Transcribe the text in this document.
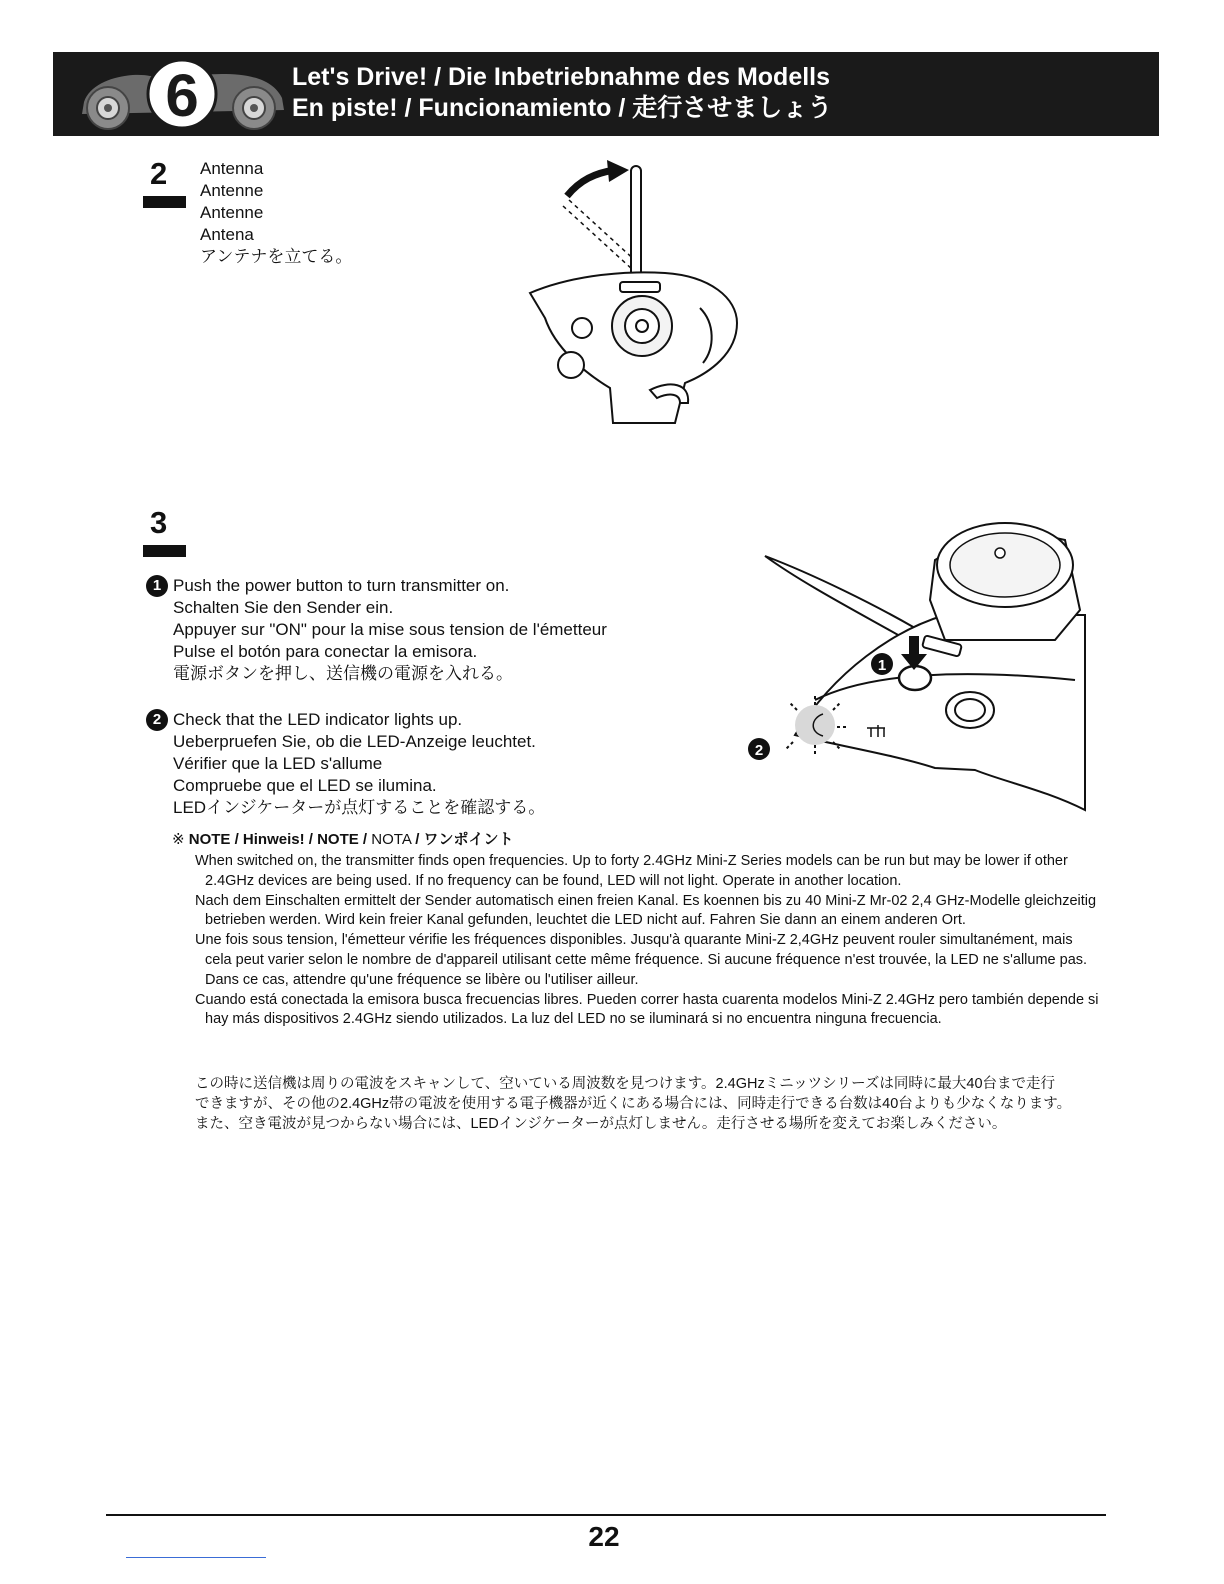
6	Let's Drive! / Die Inbetriebnahme des Modells
En piste! / Funcionamiento / 走行させましょう
2 Antenna
Antenne
Antenne
Antena
アンテナを立てる。
3
1 Push the power button to turn transmitter on.
Schalten Sie den Sender ein.
Appuyer sur "ON" pour la mise sous tension de l'émetteur
Pulse el botón para conectar la emisora.
電源ボタンを押し、送信機の電源を入れる。
2 Check that the LED indicator lights up.
Ueberpruefen Sie, ob die LED-Anzeige leuchtet.
Vérifier que la LED s'allume
Compruebe que el LED se ilumina.
LEDインジケーターが点灯することを確認する。
1
2
※ NOTE / Hinweis! / NOTE / NOTA / ワンポイント

When switched on, the transmitter finds open frequencies. Up to forty 2.4GHz Mini-Z Series models can be run but may be lower if other 2.4GHz devices are being used. If no frequency can be found, LED will not light. Operate in another location.

Nach dem Einschalten ermittelt der Sender automatisch einen freien Kanal. Es koennen bis zu 40 Mini-Z Mr-02 2,4 GHz-Modelle gleichzeitig betrieben werden. Wird kein freier Kanal gefunden, leuchtet die LED nicht auf. Fahren Sie dann an einem anderen Ort.

Une fois sous tension, l'émetteur vérifie les fréquences disponibles. Jusqu'à quarante Mini-Z 2,4GHz peuvent rouler simultanément, mais cela peut varier selon le nombre de d'appareil utilisant cette même fréquence. Si aucune fréquence n'est trouvée, la LED ne s'allume pas. Dans ce cas, attendre qu'une fréquence se libère ou l'utiliser ailleur.

Cuando está conectada la emisora busca frecuencias libres. Pueden correr hasta cuarenta modelos Mini-Z 2.4GHz pero también depende si hay más dispositivos 2.4GHz siendo utilizados. La luz del LED no se iluminará si no encuentra ninguna frecuencia.

この時に送信機は周りの電波をスキャンして、空いている周波数を見つけます。2.4GHzミニッツシリーズは同時に最大40台まで走行
できますが、その他の2.4GHz帯の電波を使用する電子機器が近くにある場合には、同時走行できる台数は40台よりも少なくなります。
また、空き電波が見つからない場合には、LEDインジケーターが点灯しません。走行させる場所を変えてお楽しみください。
22
